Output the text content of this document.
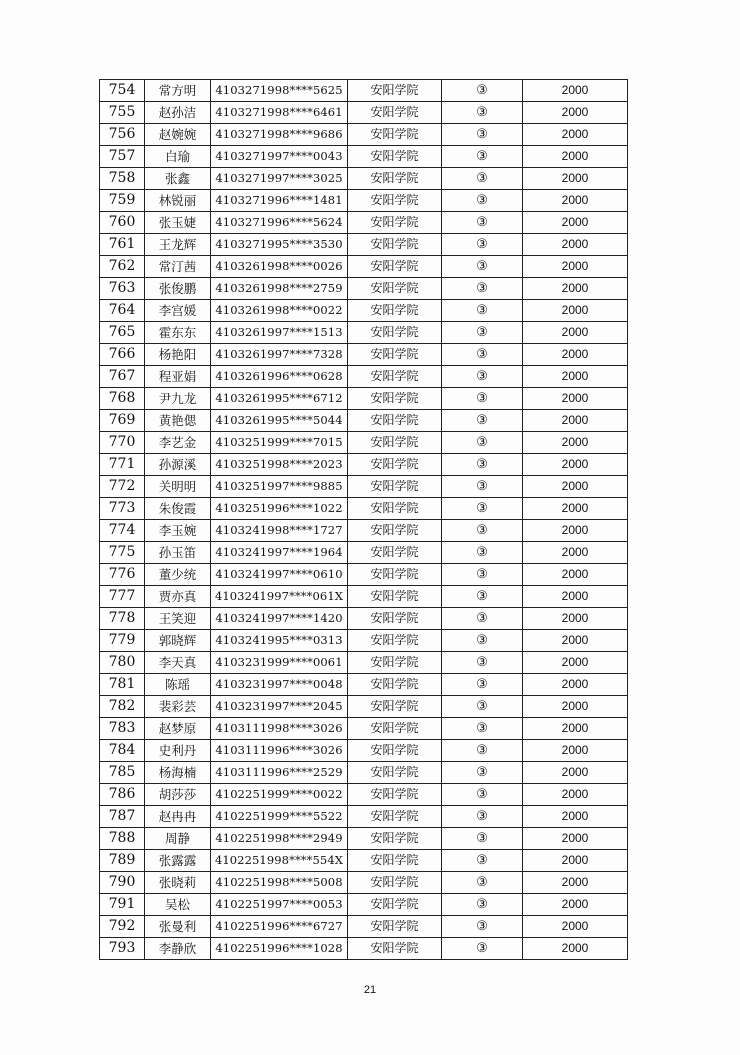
754	常方明	4103271998****5625	安阳学院	③	2000
755	赵孙洁	4103271998****6461	安阳学院	③	2000
756	赵婉婉	4103271998****9686	安阳学院	③	2000
757	白瑜	4103271997****0043	安阳学院	③	2000
758	张鑫	4103271997****3025	安阳学院	③	2000
759	林锐丽	4103271996****1481	安阳学院	③	2000
760	张玉婕	4103271996****5624	安阳学院	③	2000
761	王龙辉	4103271995****3530	安阳学院	③	2000
762	常汀茜	4103261998****0026	安阳学院	③	2000
763	张俊鹏	4103261998****2759	安阳学院	③	2000
764	李宫媛	4103261998****0022	安阳学院	③	2000
765	霍东东	4103261997****1513	安阳学院	③	2000
766	杨艳阳	4103261997****7328	安阳学院	③	2000
767	程亚娟	4103261996****0628	安阳学院	③	2000
768	尹九龙	4103261995****6712	安阳学院	③	2000
769	黄艳偲	4103261995****5044	安阳学院	③	2000
770	李艺金	4103251999****7015	安阳学院	③	2000
771	孙源溪	4103251998****2023	安阳学院	③	2000
772	关明明	4103251997****9885	安阳学院	③	2000
773	朱俊霞	4103251996****1022	安阳学院	③	2000
774	李玉婉	4103241998****1727	安阳学院	③	2000
775	孙玉笛	4103241997****1964	安阳学院	③	2000
776	董少统	4103241997****0610	安阳学院	③	2000
777	贾亦真	4103241997****061X	安阳学院	③	2000
778	王笑迎	4103241997****1420	安阳学院	③	2000
779	郭晓辉	4103241995****0313	安阳学院	③	2000
780	李天真	4103231999****0061	安阳学院	③	2000
781	陈瑶	4103231997****0048	安阳学院	③	2000
782	裴彩芸	4103231997****2045	安阳学院	③	2000
783	赵梦原	4103111998****3026	安阳学院	③	2000
784	史利丹	4103111996****3026	安阳学院	③	2000
785	杨海楠	4103111996****2529	安阳学院	③	2000
786	胡莎莎	4102251999****0022	安阳学院	③	2000
787	赵冉冉	4102251999****5522	安阳学院	③	2000
788	周静	4102251998****2949	安阳学院	③	2000
789	张露露	4102251998****554X	安阳学院	③	2000
790	张晓莉	4102251998****5008	安阳学院	③	2000
791	吴松	4102251997****0053	安阳学院	③	2000
792	张曼利	4102251996****6727	安阳学院	③	2000
793	李静欣	4102251996****1028	安阳学院	③	2000
21
